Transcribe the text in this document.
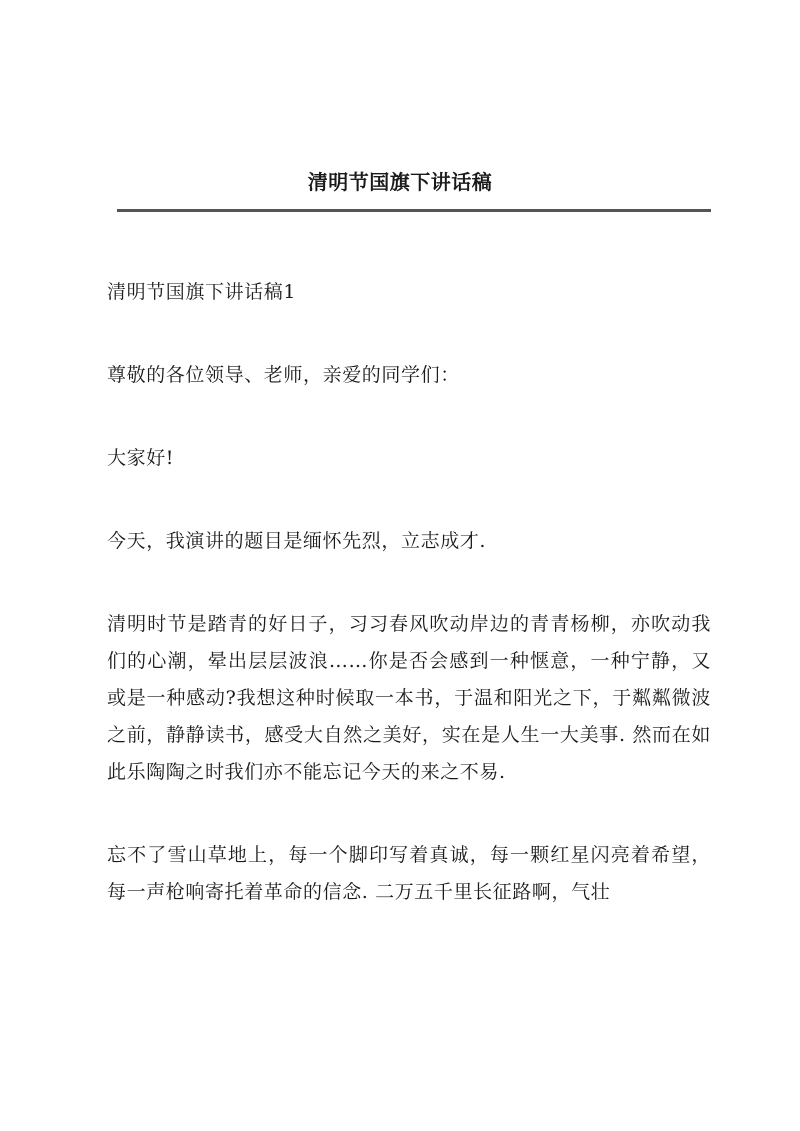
清明节国旗下讲话稿

清明节国旗下讲话稿1

尊敬的各位领导、老师，亲爱的同学们：

大家好!

今天，我演讲的题目是缅怀先烈，立志成才.

清明时节是踏青的好日子，习习春风吹动岸边的青青杨柳，亦吹动我们的心潮，晕出层层波浪……你是否会感到一种惬意，一种宁静，又或是一种感动?我想这种时候取一本书，于温和阳光之下，于粼粼微波之前，静静读书，感受大自然之美好，实在是人生一大美事. 然而在如此乐陶陶之时我们亦不能忘记今天的来之不易.

忘不了雪山草地上，每一个脚印写着真诚，每一颗红星闪亮着希望，每一声枪响寄托着革命的信念. 二万五千里长征路啊，气壮
